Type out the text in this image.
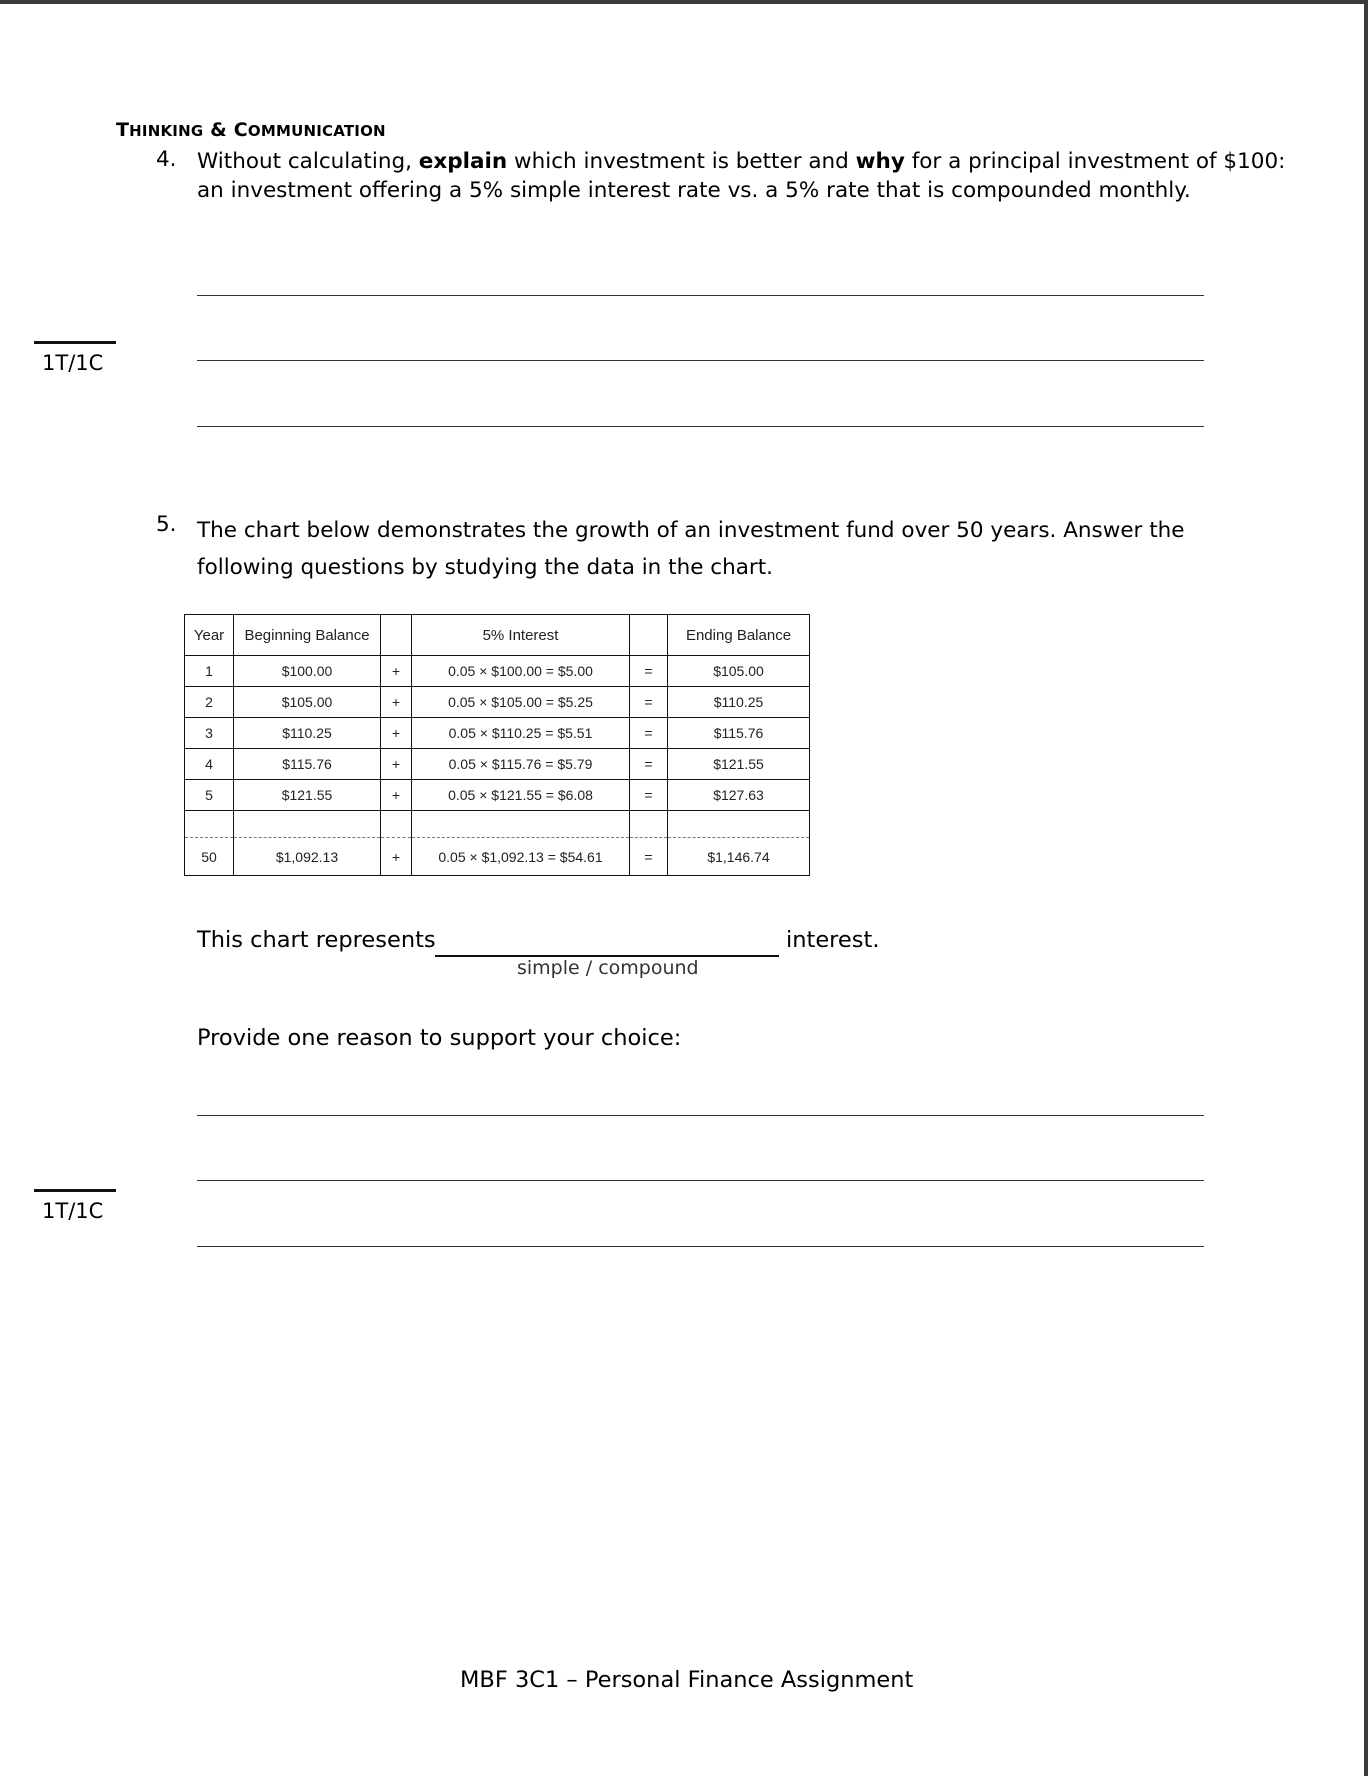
THINKING & COMMUNICATION
4. Without calculating, explain which investment is better and why for a principal investment of $100:
an investment offering a 5% simple interest rate vs. a 5% rate that is compounded monthly.
1T/1C
5. The chart below demonstrates the growth of an investment fund over 50 years. Answer the
following questions by studying the data in the chart.
Year	Beginning Balance		5% Interest		Ending Balance
1	$100.00	+	0.05 × $100.00 = $5.00	=	$105.00
2	$105.00	+	0.05 × $105.00 = $5.25	=	$110.25
3	$110.25	+	0.05 × $110.25 = $5.51	=	$115.76
4	$115.76	+	0.05 × $115.76 = $5.79	=	$121.55
5	$121.55	+	0.05 × $121.55 = $6.08	=	$127.63

50	$1,092.13	+	0.05 × $1,092.13 = $54.61	=	$1,146.74
This chart represents	interest.
simple / compound
Provide one reason to support your choice:
1T/1C
MBF 3C1 – Personal Finance Assignment
